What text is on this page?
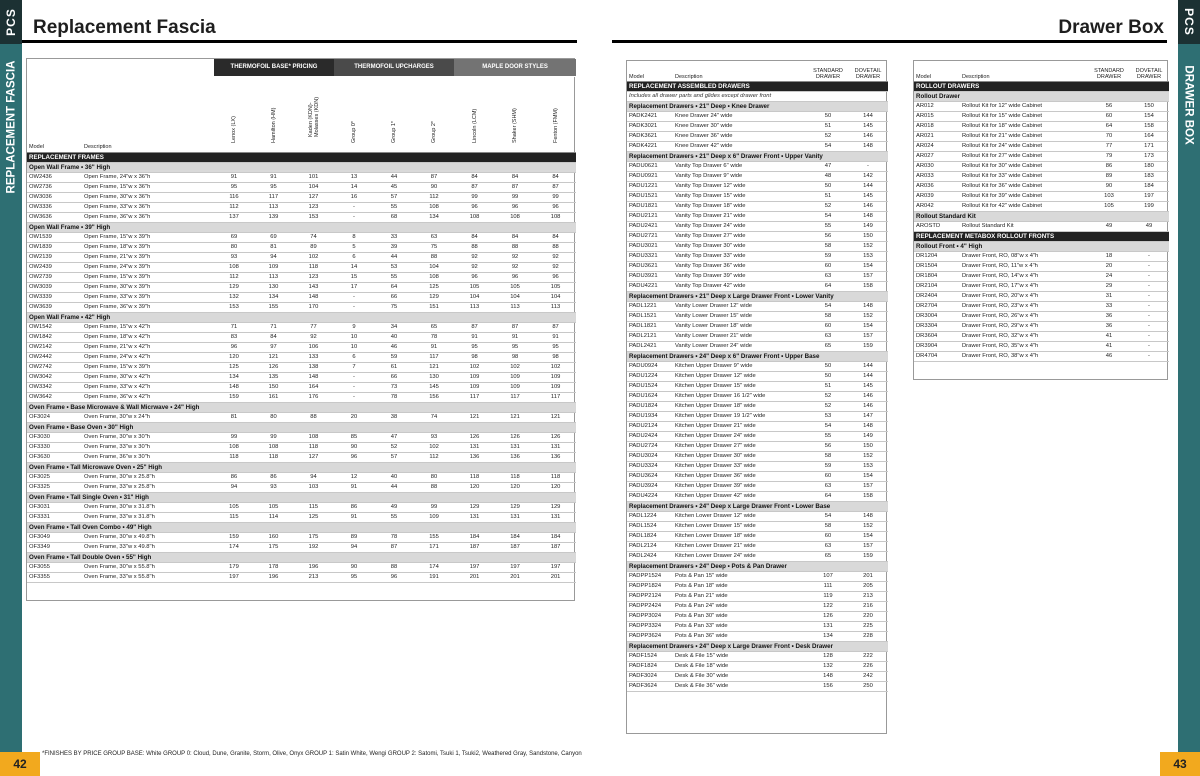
PCS
REPLACEMENT FASCIA
PCS
DRAWER BOX
Replacement Fascia	Drawer Box
		THERMOFOIL BASE* PRICING			THERMOFOIL UPCHARGES			MAPLE DOOR STYLES		
Model	Description	Lenox (LX)	Hamilton (HM)	Kaden (KDN)-Molasses (KDN)	Group 0*	Group 1*	Group 2*	Lincoln (LCM)	Shaker (SHM)	Fenton (FMM)

REPLACEMENT FRAMES										
Open Wall Frame • 36" High										
OW2436	Open Frame, 24"w x 36"h	91	91	101	13	44	87	84	84	84
OW2736	Open Frame, 15"w x 36"h	95	95	104	14	45	90	87	87	87
OW3036	Open Frame, 30"w x 36"h	116	117	127	16	57	112	99	99	99
OW3336	Open Frame, 33"w x 36"h	112	113	123	-	55	108	96	96	96
OW3636	Open Frame, 36"w x 36"h	137	139	153	-	68	134	108	108	108
Open Wall Frame • 39" High										
OW1539	Open Frame, 15"w x 39"h	69	69	74	8	33	63	84	84	84
OW1839	Open Frame, 18"w x 39"h	80	81	89	5	39	75	88	88	88
OW2139	Open Frame, 21"w x 39"h	93	94	102	6	44	88	92	92	92
OW2439	Open Frame, 24"w x 39"h	108	109	118	14	53	104	92	92	92
OW2739	Open Frame, 15"w x 39"h	112	113	123	15	55	108	96	96	96
OW3039	Open Frame, 30"w x 39"h	129	130	143	17	64	125	105	105	105
OW3339	Open Frame, 33"w x 39"h	132	134	148	-	66	129	104	104	104
OW3639	Open Frame, 36"w x 39"h	153	155	170	-	75	151	113	113	113
Open Wall Frame • 42" High										
OW1542	Open Frame, 15"w x 42"h	71	71	77	9	34	65	87	87	87
OW1842	Open Frame, 18"w x 42"h	83	84	92	10	40	78	91	91	91
OW2142	Open Frame, 21"w x 42"h	96	97	106	10	46	91	95	95	95
OW2442	Open Frame, 24"w x 42"h	120	121	133	6	59	117	98	98	98
OW2742	Open Frame, 15"w x 39"h	125	126	138	7	61	121	102	102	102
OW3042	Open Frame, 30"w x 42"h	134	135	148	-	66	130	109	109	109
OW3342	Open Frame, 33"w x 42"h	148	150	164	-	73	145	109	109	109
OW3642	Open Frame, 36"w x 42"h	159	161	176	-	78	156	117	117	117
Oven Frame • Base Microwave & Wall Micrwave • 24" High										
OF3024	Oven Frame, 30"w x 24"h	81	80	88	20	38	74	121	121	121
Oven Frame • Base Oven • 30" High										
OF3030	Oven Frame, 30"w x 30"h	99	99	108	85	47	93	126	126	126
OF3330	Oven Frame, 33"w x 30"h	108	108	118	90	52	102	131	131	131
OF3630	Oven Frame, 36"w x 30"h	118	118	127	96	57	112	136	136	136
Oven Frame • Tall Microwave Oven • 25" High										
OF3025	Oven Frame, 30"w x 25.8"h	86	86	94	12	40	80	118	118	118
OF3325	Oven Frame, 33"w x 25.8"h	94	93	103	91	44	88	120	120	120
Oven Frame • Tall Single Oven • 31" High										
OF3031	Oven Frame, 30"w x 31.8"h	105	105	115	86	49	99	129	129	129
OF3331	Oven Frame, 33"w x 31.8"h	115	114	125	91	55	109	131	131	131
Oven Frame • Tall Oven Combo • 49" High										
OF3049	Oven Frame, 30"w x 49.8"h	159	160	175	89	78	155	184	184	184
OF3349	Oven Frame, 33"w x 49.8"h	174	175	192	94	87	171	187	187	187
Oven Frame • Tall Double Oven • 55" High										
OF3055	Oven Frame, 30"w x 55.8"h	179	178	196	90	88	174	197	197	197
OF3355	Oven Frame, 33"w x 55.8"h	197	196	213	95	96	191	201	201	201
Model	Description	STANDARD DRAWER	DOVETAIL DRAWER
REPLACEMENT ASSEMBLED DRAWERS			
Includes all drawer parts and glides except drawer front			
Replacement Drawers • 21" Deep • Knee Drawer			
PADK2421	Knee Drawer 24" wide	50	144
PADK3021	Knee Drawer 30" wide	51	145
PADK3621	Knee Drawer 36" wide	52	146
PADK4221	Knee Drawer 42" wide	54	148
Replacement Drawers • 21" Deep x 6" Drawer Front • Upper Vanity			
PADU0621	Vanity Top Drawer 6" wide	47	-
PADU0921	Vanity Top Drawer 9" wide	48	142
PADU1221	Vanity Top Drawer 12" wide	50	144
PADU1521	Vanity Top Drawer 15" wide	51	145
PADU1821	Vanity Top Drawer 18" wide	52	146
PADU2121	Vanity Top Drawer 21" wide	54	148
PADU2421	Vanity Top Drawer 24" wide	55	149
PADU2721	Vanity Top Drawer 27" wide	56	150
PADU3021	Vanity Top Drawer 30" wide	58	152
PADU3321	Vanity Top Drawer 33" wide	59	153
PADU3621	Vanity Top Drawer 36" wide	60	154
PADU3921	Vanity Top Drawer 39" wide	63	157
PADU4221	Vanity Top Drawer 42" wide	64	158
Replacement Drawers • 21" Deep x Large Drawer Front • Lower Vanity			
PADL1221	Vanity Lower Drawer 12" wide	54	148
PADL1521	Vanity Lower Drawer 15" wide	58	152
PADL1821	Vanity Lower Drawer 18" wide	60	154
PADL2121	Vanity Lower Drawer 21" wide	63	157
PADL2421	Vanity Lower Drawer 24" wide	65	159
Replacement Drawers • 24" Deep x 6" Drawer Front • Upper Base			
PADU0924	Kitchen Upper Drawer 9" wide	50	144
PADU1224	Kitchen Upper Drawer 12" wide	50	144
PADU1524	Kitchen Upper Drawer 15" wide	51	145
PADU1624	Kitchen Upper Drawer 16 1/2" wide	52	146
PADU1824	Kitchen Upper Drawer 18" wide	52	146
PADU1934	Kitchen Upper Drawer 19 1/2" wide	53	147
PADU2124	Kitchen Upper Drawer 21" wide	54	148
PADU2424	Kitchen Upper Drawer 24" wide	55	149
PADU2724	Kitchen Upper Drawer 27" wide	56	150
PADU3024	Kitchen Upper Drawer 30" wide	58	152
PADU3324	Kitchen Upper Drawer 33" wide	59	153
PADU3624	Kitchen Upper Drawer 36" wide	60	154
PADU3924	Kitchen Upper Drawer 39" wide	63	157
PADU4224	Kitchen Upper Drawer 42" wide	64	158
Replacement Drawers • 24" Deep x Large Drawer Front • Lower Base			
PADL1224	Kitchen Lower Drawer 12" wide	54	148
PADL1524	Kitchen Lower Drawer 15" wide	58	152
PADL1824	Kitchen Lower Drawer 18" wide	60	154
PADL2124	Kitchen Lower Drawer 21" wide	63	157
PADL2424	Kitchen Lower Drawer 24" wide	65	159
Replacement Drawers • 24" Deep • Pots & Pan Drawer			
PADPP1524	Pots & Pan 15" wide	107	201
PADPP1824	Pots & Pan 18" wide	111	205
PADPP2124	Pots & Pan 21" wide	119	213
PADPP2424	Pots & Pan 24" wide	122	216
PADPP3024	Pots & Pan 30" wide	126	220
PADPP3324	Pots & Pan 33" wide	131	225
PADPP3624	Pots & Pan 36" wide	134	228
Replacement Drawers • 24" Deep x Large Drawer Front • Desk Drawer			
PADF1524	Desk & File 15" wide	128	222
PADF1824	Desk & File 18" wide	132	226
PADF3024	Desk & File 30" wide	148	242
PADF3624	Desk & File 36" wide	156	250
Model	Description	STANDARD DRAWER	DOVETAIL DRAWER
ROLLOUT DRAWERS			
Rollout Drawer			
AR012	Rollout Kit for 12" wide Cabinet	56	150
AR015	Rollout Kit for 15" wide Cabinet	60	154
AR018	Rollout Kit for 18" wide Cabinet	64	158
AR021	Rollout Kit for 21" wide Cabinet	70	164
AR024	Rollout Kit for 24" wide Cabinet	77	171
AR027	Rollout Kit for 27" wide Cabinet	79	173
AR030	Rollout Kit for 30" wide Cabinet	86	180
AR033	Rollout Kit for 33" wide Cabinet	89	183
AR036	Rollout Kit for 36" wide Cabinet	90	184
AR039	Rollout Kit for 39" wide Cabinet	103	197
AR042	Rollout Kit for 42" wide Cabinet	105	199
Rollout Standard Kit			
AROSTD	Rollout Standard Kit	49	49
REPLACEMENT METABOX ROLLOUT FRONTS			
Rollout Front • 4" High			
DR1204	Drawer Front, RO, 08"w x 4"h	18	-
DR1504	Drawer Front, RO, 11"w x 4"h	20	-
DR1804	Drawer Front, RO, 14"w x 4"h	24	-
DR2104	Drawer Front, RO, 17"w x 4"h	29	-
DR2404	Drawer Front, RO, 20"w x 4"h	31	-
DR2704	Drawer Front, RO, 23"w x 4"h	33	-
DR3004	Drawer Front, RO, 26"w x 4"h	36	-
DR3304	Drawer Front, RO, 29"w x 4"h	36	-
DR3604	Drawer Front, RO, 32"w x 4"h	41	-
DR3904	Drawer Front, RO, 35"w x 4"h	41	-
DR4704	Drawer Front, RO, 38"w x 4"h	46	-
*FINISHES BY PRICE GROUP BASE: White GROUP 0: Cloud, Dune, Granite, Storm, Olive, Onyx GROUP 1: Satin White, Wengi GROUP 2: Satomi, Tsuki 1, Tsuki2, Weathered Gray, Sandstone, Canyon
42	43
